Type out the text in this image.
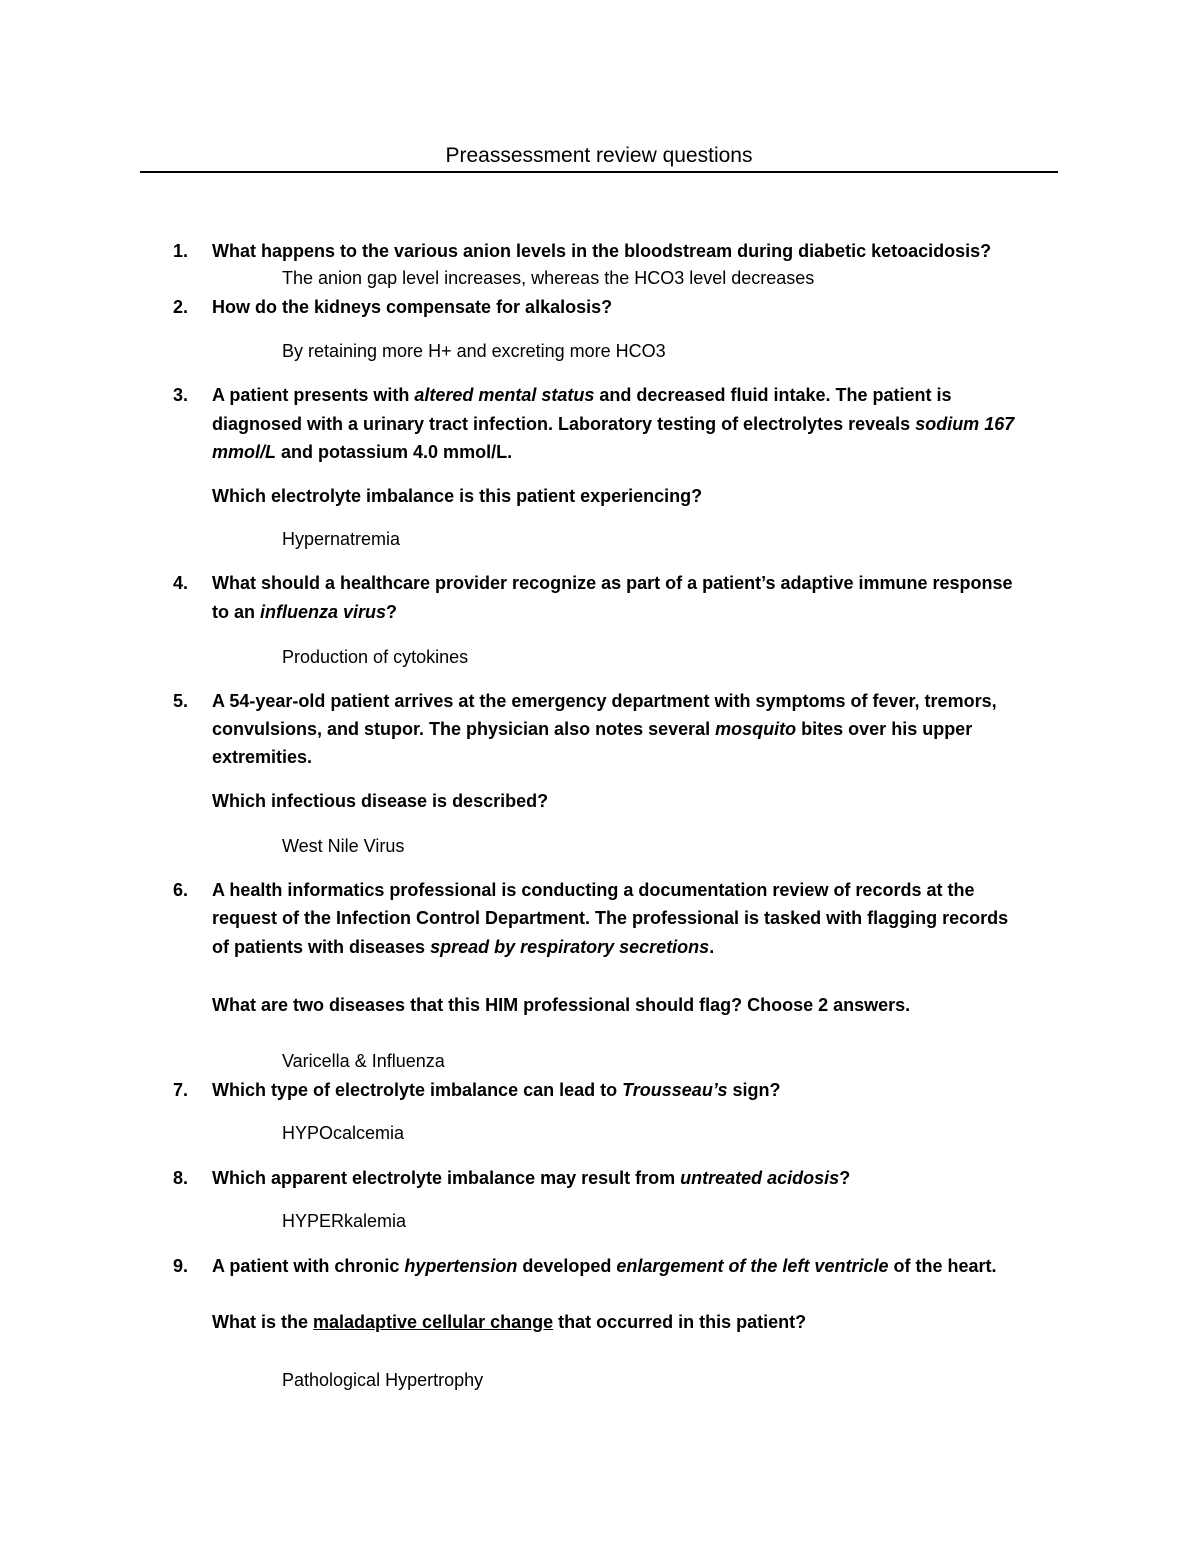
Preassessment review questions
1. What happens to the various anion levels in the bloodstream during diabetic ketoacidosis?
The anion gap level increases, whereas the HCO3 level decreases
2. How do the kidneys compensate for alkalosis?
By retaining more H+ and excreting more HCO3
3. A patient presents with altered mental status and decreased fluid intake. The patient is
diagnosed with a urinary tract infection. Laboratory testing of electrolytes reveals sodium 167
mmol/L and potassium 4.0 mmol/L.
Which electrolyte imbalance is this patient experiencing?
Hypernatremia
4. What should a healthcare provider recognize as part of a patient’s adaptive immune response
to an influenza virus?
Production of cytokines
5. A 54-year-old patient arrives at the emergency department with symptoms of fever, tremors,
convulsions, and stupor. The physician also notes several mosquito bites over his upper
extremities.
Which infectious disease is described?
West Nile Virus
6. A health informatics professional is conducting a documentation review of records at the
request of the Infection Control Department. The professional is tasked with flagging records
of patients with diseases spread by respiratory secretions.
What are two diseases that this HIM professional should flag? Choose 2 answers.
Varicella & Influenza
7. Which type of electrolyte imbalance can lead to Trousseau’s sign?
HYPOcalcemia
8. Which apparent electrolyte imbalance may result from untreated acidosis?
HYPERkalemia
9. A patient with chronic hypertension developed enlargement of the left ventricle of the heart.
What is the maladaptive cellular change that occurred in this patient?
Pathological Hypertrophy
